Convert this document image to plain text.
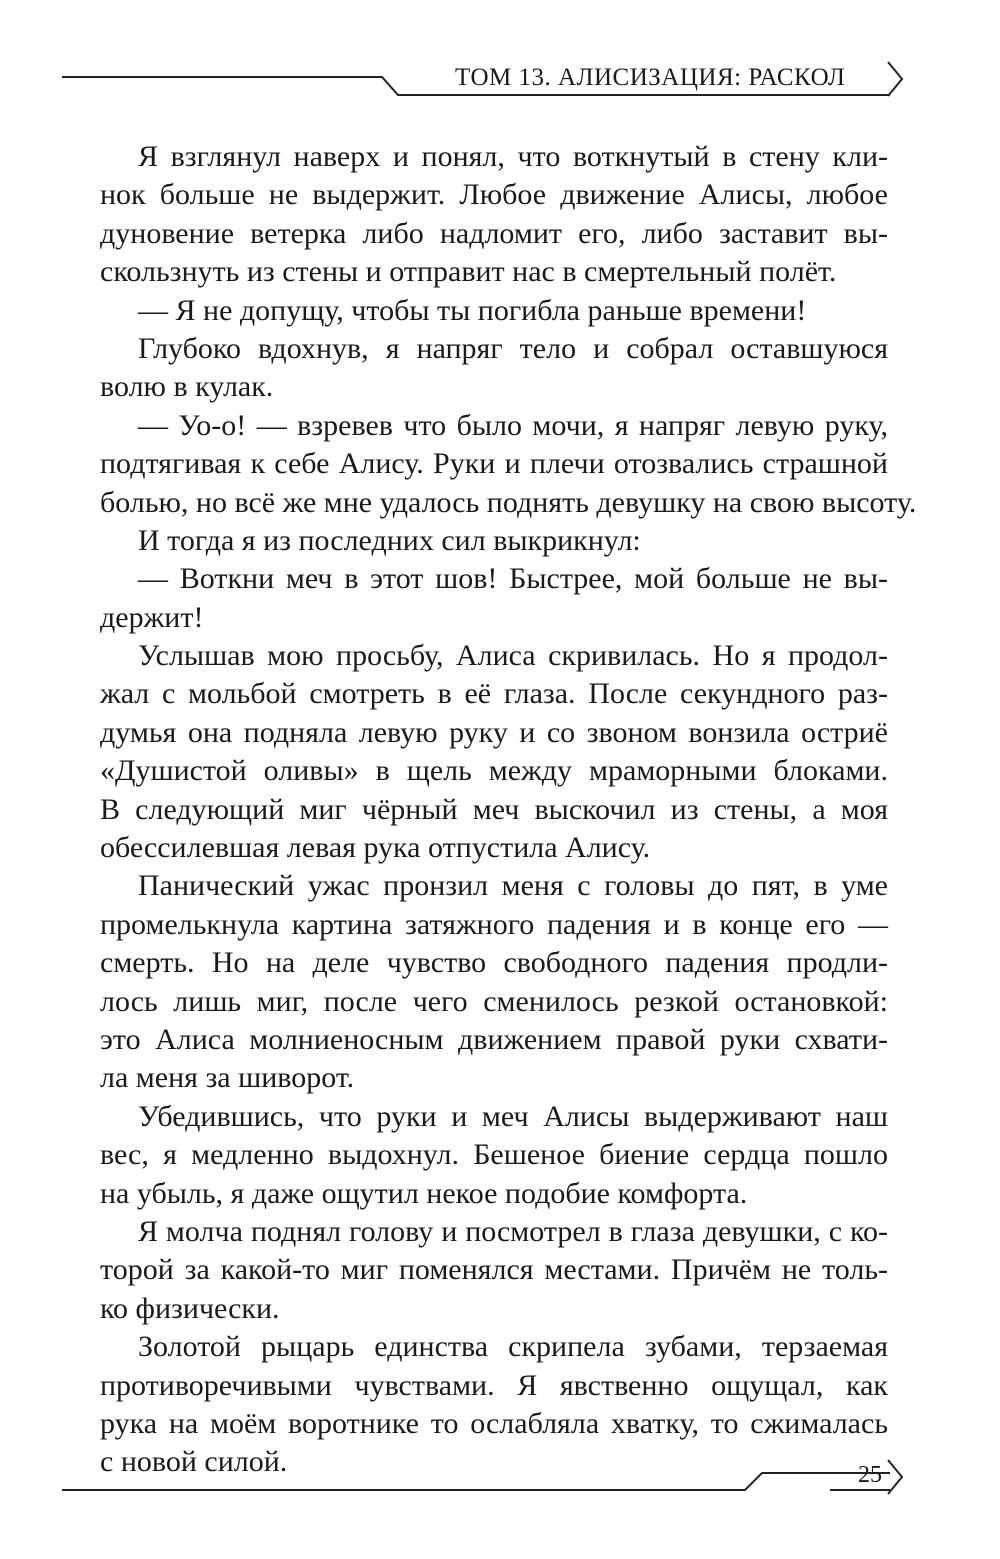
ТОМ 13. АЛИСИЗАЦИЯ: РАСКОЛ
Я взглянул наверх и понял, что воткнутый в стену кли-
нок больше не выдержит. Любое движение Алисы, любое
дуновение ветерка либо надломит его, либо заставит вы-
скользнуть из стены и отправит нас в смертельный полёт.
— Я не допущу, чтобы ты погибла раньше времени!
Глубоко вдохнув, я напряг тело и собрал оставшуюся
волю в кулак.
— Уо-о! — взревев что было мочи, я напряг левую руку,
подтягивая к себе Алису. Руки и плечи отозвались страшной
болью, но всё же мне удалось поднять девушку на свою высоту.
И тогда я из последних сил выкрикнул:
— Воткни меч в этот шов! Быстрее, мой больше не вы-
держит!
Услышав мою просьбу, Алиса скривилась. Но я продол-
жал с мольбой смотреть в её глаза. После секундного раз-
думья она подняла левую руку и со звоном вонзила остриё
«Душистой оливы» в щель между мраморными блоками.
В следующий миг чёрный меч выскочил из стены, а моя
обессилевшая левая рука отпустила Алису.
Панический ужас пронзил меня с головы до пят, в уме
промелькнула картина затяжного падения и в конце его —
смерть. Но на деле чувство свободного падения продли-
лось лишь миг, после чего сменилось резкой остановкой:
это Алиса молниеносным движением правой руки схвати-
ла меня за шиворот.
Убедившись, что руки и меч Алисы выдерживают наш
вес, я медленно выдохнул. Бешеное биение сердца пошло
на убыль, я даже ощутил некое подобие комфорта.
Я молча поднял голову и посмотрел в глаза девушки, с ко-
торой за какой-то миг поменялся местами. Причём не толь-
ко физически.
Золотой рыцарь единства скрипела зубами, терзаемая
противоречивыми чувствами. Я явственно ощущал, как
рука на моём воротнике то ослабляла хватку, то сжималась
с новой силой.	25
